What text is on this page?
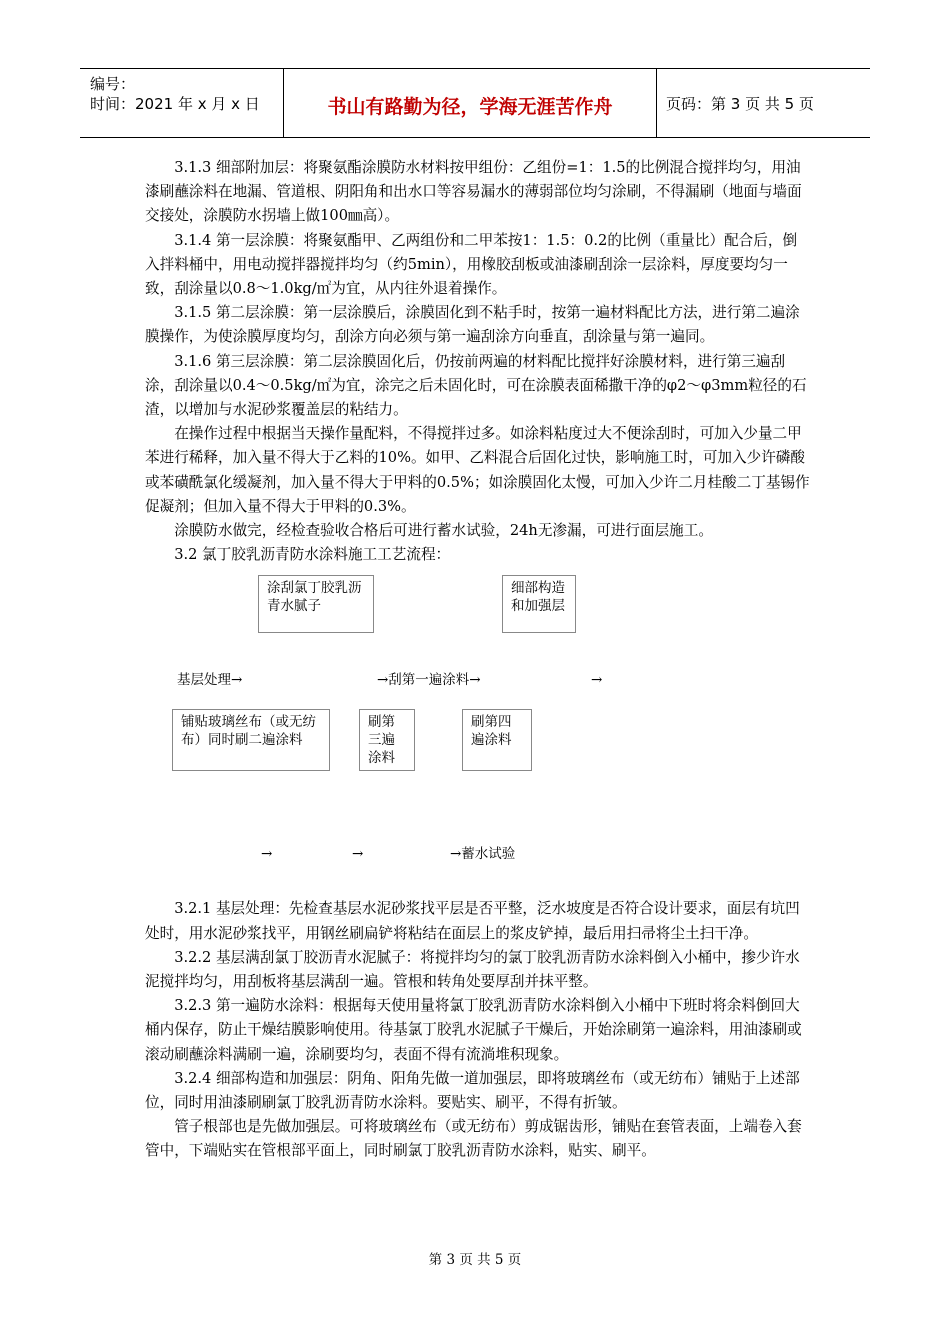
编号：
时间：2021 年 x 月 x 日	书山有路勤为径，学海无涯苦作舟	页码：第 3 页 共 5 页

3.1.3 细部附加层：将聚氨酯涂膜防水材料按甲组份：乙组份=1：1.5的比例混合搅拌均匀，用油漆刷蘸涂料在地漏、管道根、阴阳角和出水口等容易漏水的薄弱部位均匀涂刷，不得漏刷（地面与墙面交接处，涂膜防水拐墙上做100㎜高）。

3.1.4 第一层涂膜：将聚氨酯甲、乙两组份和二甲苯按1：1.5：0.2的比例（重量比）配合后，倒入拌料桶中，用电动搅拌器搅拌均匀（约5min），用橡胶刮板或油漆刷刮涂一层涂料，厚度要均匀一致，刮涂量以0.8～1.0kg/㎡为宜，从内往外退着操作。

3.1.5 第二层涂膜：第一层涂膜后，涂膜固化到不粘手时，按第一遍材料配比方法，进行第二遍涂膜操作，为使涂膜厚度均匀，刮涂方向必须与第一遍刮涂方向垂直，刮涂量与第一遍同。

3.1.6 第三层涂膜：第二层涂膜固化后，仍按前两遍的材料配比搅拌好涂膜材料，进行第三遍刮涂，刮涂量以0.4～0.5kg/㎡为宜，涂完之后未固化时，可在涂膜表面稀撒干净的φ2～φ3mm粒径的石渣，以增加与水泥砂浆覆盖层的粘结力。

在操作过程中根据当天操作量配料，不得搅拌过多。如涂料粘度过大不便涂刮时，可加入少量二甲苯进行稀释，加入量不得大于乙料的10%。如甲、乙料混合后固化过快，影响施工时，可加入少许磷酸或苯磺酰氯化缓凝剂，加入量不得大于甲料的0.5%；如涂膜固化太慢，可加入少许二月桂酸二丁基锡作促凝剂；但加入量不得大于甲料的0.3%。

涂膜防水做完，经检查验收合格后可进行蓄水试验，24h无渗漏，可进行面层施工。

3.2 氯丁胶乳沥青防水涂料施工工艺流程：

涂刮氯丁胶乳沥青水腻子
细部构造和加强层
基层处理→	→刮第一遍涂料→	→
铺贴玻璃丝布（或无纺布）同时刷二遍涂料
刷第三遍涂料
刷第四遍涂料
→	→	→蓄水试验

3.2.1 基层处理：先检查基层水泥砂浆找平层是否平整，泛水坡度是否符合设计要求，面层有坑凹处时，用水泥砂浆找平，用钢丝刷扁铲将粘结在面层上的浆皮铲掉，最后用扫帚将尘土扫干净。

3.2.2 基层满刮氯丁胶沥青水泥腻子：将搅拌均匀的氯丁胶乳沥青防水涂料倒入小桶中，掺少许水泥搅拌均匀，用刮板将基层满刮一遍。管根和转角处要厚刮并抹平整。

3.2.3 第一遍防水涂料：根据每天使用量将氯丁胶乳沥青防水涂料倒入小桶中下班时将余料倒回大桶内保存，防止干燥结膜影响使用。待基氯丁胶乳水泥腻子干燥后，开始涂刷第一遍涂料，用油漆刷或滚动刷蘸涂料满刷一遍，涂刷要均匀，表面不得有流淌堆积现象。

3.2.4 细部构造和加强层：阴角、阳角先做一道加强层，即将玻璃丝布（或无纺布）铺贴于上述部位，同时用油漆刷刷氯丁胶乳沥青防水涂料。要贴实、刷平，不得有折皱。

管子根部也是先做加强层。可将玻璃丝布（或无纺布）剪成锯齿形，铺贴在套管表面，上端卷入套管中，下端贴实在管根部平面上，同时刷氯丁胶乳沥青防水涂料，贴实、刷平。

第 3 页 共 5 页
